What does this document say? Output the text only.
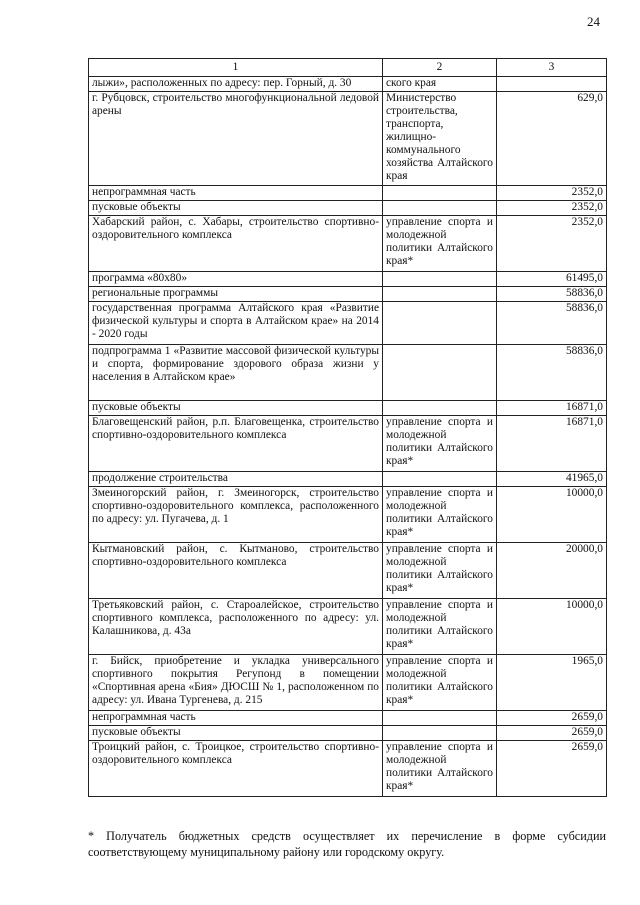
24
1	2	3
лыжи», расположенных по адресу: пер. Горный, д. 30	ского края	
г. Рубцовск, строительство многофункциональной ледовой арены	Министерство строительства, транспорта, жилищно-коммунального хозяйства Алтайского края	629,0
непрограммная часть		2352,0
пусковые объекты		2352,0
Хабарский район, с. Хабары, строительство спортивно-оздоровительного комплекса	управление спорта и молодежной политики Алтайского края*	2352,0
программа «80х80»		61495,0
региональные программы		58836,0
государственная программа Алтайского края «Развитие физической культуры и спорта в Алтайском крае» на 2014 - 2020 годы		58836,0
подпрограмма 1 «Развитие массовой физической культуры и спорта, формирование здорового образа жизни у населения в Алтайском крае»		58836,0
пусковые объекты		16871,0
Благовещенский район, р.п. Благовещенка, строительство спортивно-оздоровительного комплекса	управление спорта и молодежной политики Алтайского края*	16871,0
продолжение строительства		41965,0
Змеиногорский район, г. Змеиногорск, строительство спортивно-оздоровительного комплекса, расположенного по адресу: ул. Пугачева, д. 1	управление спорта и молодежной политики Алтайского края*	10000,0
Кытмановский район, с. Кытманово, строительство спортивно-оздоровительного комплекса	управление спорта и молодежной политики Алтайского края*	20000,0
Третьяковский район, с. Староалейское, строительство спортивного комплекса, расположенного по адресу: ул. Калашникова, д. 43а	управление спорта и молодежной политики Алтайского края*	10000,0
г. Бийск, приобретение и укладка универсального спортивного покрытия Регупонд в помещении «Спортивная арена «Бия» ДЮСШ № 1, расположенном по адресу: ул. Ивана Тургенева, д. 215	управление спорта и молодежной политики Алтайского края*	1965,0
непрограммная часть		2659,0
пусковые объекты		2659,0
Троицкий район, с. Троицкое, строительство спортивно-оздоровительного комплекса	управление спорта и молодежной политики Алтайского края*	2659,0
* Получатель бюджетных средств осуществляет их перечисление в форме субсидии соответствующему муниципальному району или городскому округу.
